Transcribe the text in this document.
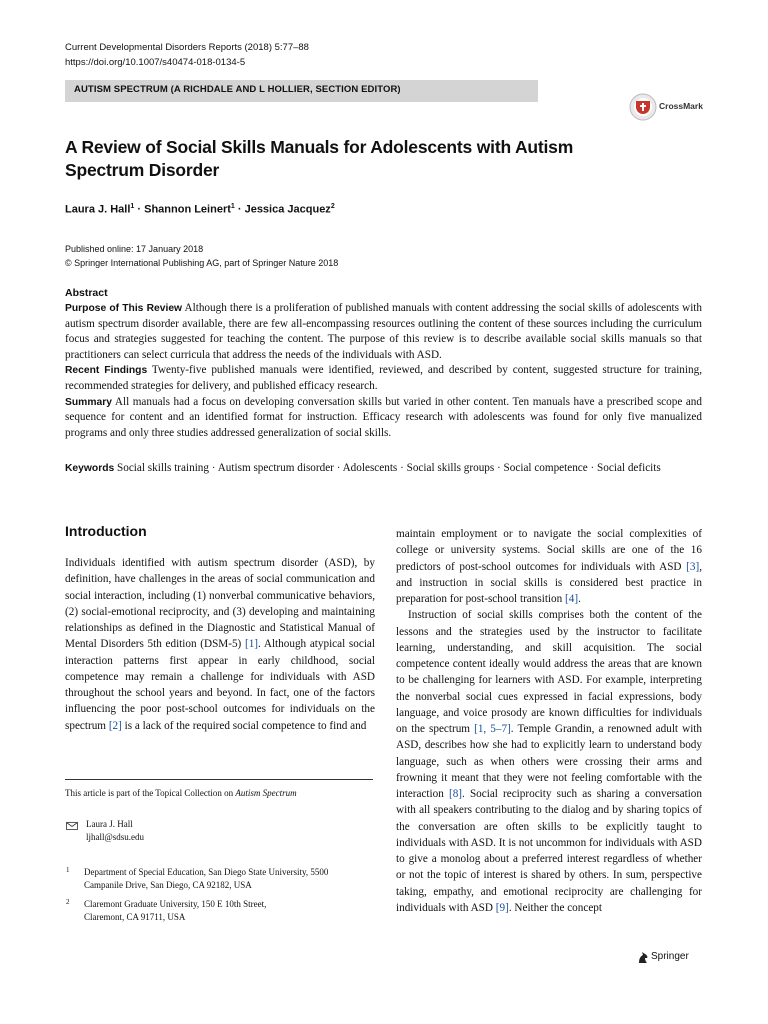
Current Developmental Disorders Reports (2018) 5:77–88
https://doi.org/10.1007/s40474-018-0134-5
AUTISM SPECTRUM (A RICHDALE AND L HOLLIER, SECTION EDITOR)
CrossMark
A Review of Social Skills Manuals for Adolescents with Autism Spectrum Disorder
Laura J. Hall$^1$ · Shannon Leinert$^1$ · Jessica Jacquez$^2$
Published online: 17 January 2018
© Springer International Publishing AG, part of Springer Nature 2018
Abstract

Purpose of This Review Although there is a proliferation of published manuals with content addressing the social skills of adolescents with autism spectrum disorder available, there are few all-encompassing resources outlining the content of these sources including the curriculum focus and strategies suggested for teaching the content. The purpose of this review is to describe available social skills manuals so that practitioners can select curricula that address the needs of the individuals with ASD.

Recent Findings Twenty-five published manuals were identified, reviewed, and described by content, suggested structure for training, recommended strategies for delivery, and published efficacy research.

Summary All manuals had a focus on developing conversation skills but varied in other content. Ten manuals have a prescribed scope and sequence for content and an identified format for instruction. Efficacy research with adolescents was found for only five manualized programs and only three studies addressed generalization of social skills.

Keywords Social skills training · Autism spectrum disorder · Adolescents · Social skills groups · Social competence · Social deficits
Introduction

Individuals identified with autism spectrum disorder (ASD), by definition, have challenges in the areas of social communication and social interaction, including (1) nonverbal communicative behaviors, (2) social-emotional reciprocity, and (3) developing and maintaining relationships as defined in the Diagnostic and Statistical Manual of Mental Disorders 5th edition (DSM-5) [1]. Although atypical social interaction patterns first appear in early childhood, social competence may remain a challenge for individuals with ASD throughout the school years and beyond. In fact, one of the factors influencing the poor post-school outcomes for individuals on the spectrum [2] is a lack of the required social competence to find and

maintain employment or to navigate the social complexities of college or university systems. Social skills are one of the 16 predictors of post-school outcomes for individuals with ASD [3], and instruction in social skills is considered best practice in preparation for post-school transition [4].

Instruction of social skills comprises both the content of the lessons and the strategies used by the instructor to facilitate learning, understanding, and skill acquisition. The social competence content ideally would address the areas that are known to be challenging for learners with ASD. For example, interpreting the nonverbal social cues expressed in facial expressions, body language, and voice prosody are known difficulties for individuals on the spectrum [1, 5–7]. Temple Grandin, a renowned adult with ASD, describes how she had to explicitly learn to understand body language, such as when others were crossing their arms and frowning it meant that they were not feeling comfortable with the interaction [8]. Social reciprocity such as sharing a conversation with all speakers contributing to the dialog and by sharing topics of the conversation are often skills to be explicitly taught to individuals with ASD. It is not uncommon for individuals with ASD to give a monolog about a preferred interest regardless of whether or not the topic of interest is shared by others. In sum, perspective taking, empathy, and emotional reciprocity are challenging for individuals with ASD [9]. Neither the concept

This article is part of the Topical Collection on Autism Spectrum
Laura J. Hall
ljhall@sdsu.edu
1 Department of Special Education, San Diego State University, 5500
Campanile Drive, San Diego, CA 92182, USA
2 Claremont Graduate University, 150 E 10th Street,
Claremont, CA 91711, USA
Springer
